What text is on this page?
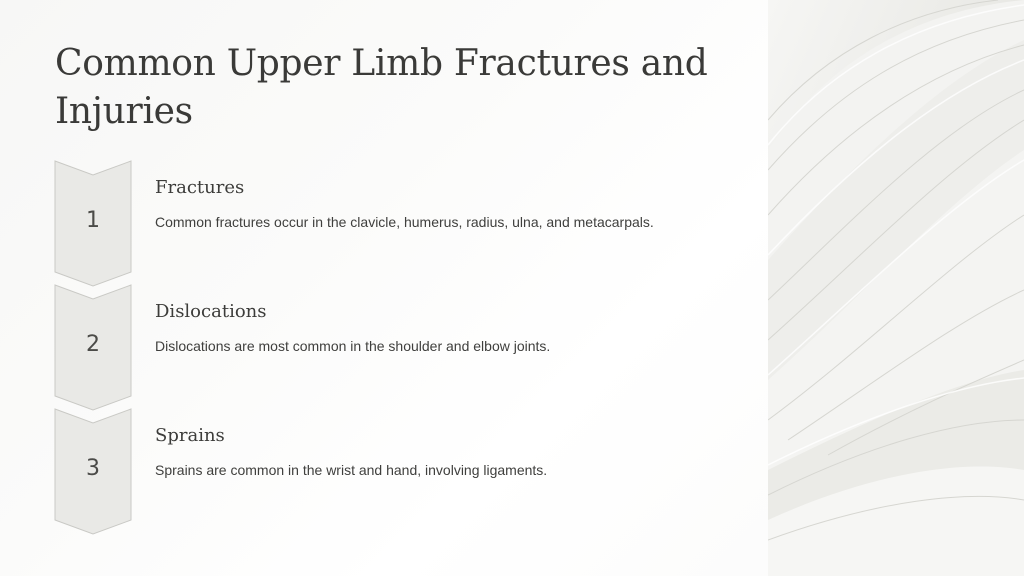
Common Upper Limb Fractures and Injuries
1
Fractures

Common fractures occur in the clavicle, humerus, radius, ulna, and metacarpals.

2
Dislocations

Dislocations are most common in the shoulder and elbow joints.

3
Sprains

Sprains are common in the wrist and hand, involving ligaments.
